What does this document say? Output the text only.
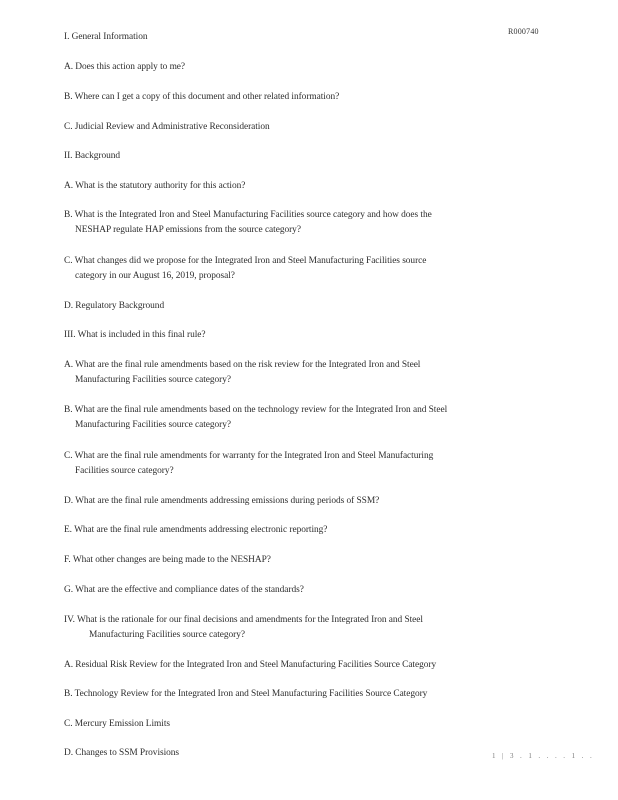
R000740
I. General Information
A. Does this action apply to me?
B. Where can I get a copy of this document and other related information?
C. Judicial Review and Administrative Reconsideration
II. Background
A. What is the statutory authority for this action?
B. What is the Integrated Iron and Steel Manufacturing Facilities source category and how does the
NESHAP regulate HAP emissions from the source category?
C. What changes did we propose for the Integrated Iron and Steel Manufacturing Facilities source
category in our August 16, 2019, proposal?
D. Regulatory Background
III. What is included in this final rule?
A. What are the final rule amendments based on the risk review for the Integrated Iron and Steel
Manufacturing Facilities source category?
B. What are the final rule amendments based on the technology review for the Integrated Iron and Steel
Manufacturing Facilities source category?
C. What are the final rule amendments for warranty for the Integrated Iron and Steel Manufacturing
Facilities source category?
D. What are the final rule amendments addressing emissions during periods of SSM?
E. What are the final rule amendments addressing electronic reporting?
F. What other changes are being made to the NESHAP?
G. What are the effective and compliance dates of the standards?
IV. What is the rationale for our final decisions and amendments for the Integrated Iron and Steel
Manufacturing Facilities source category?
A. Residual Risk Review for the Integrated Iron and Steel Manufacturing Facilities Source Category
B. Technology Review for the Integrated Iron and Steel Manufacturing Facilities Source Category
C. Mercury Emission Limits
D. Changes to SSM Provisions	1 | 3 . 1 . . . . 1 . .
